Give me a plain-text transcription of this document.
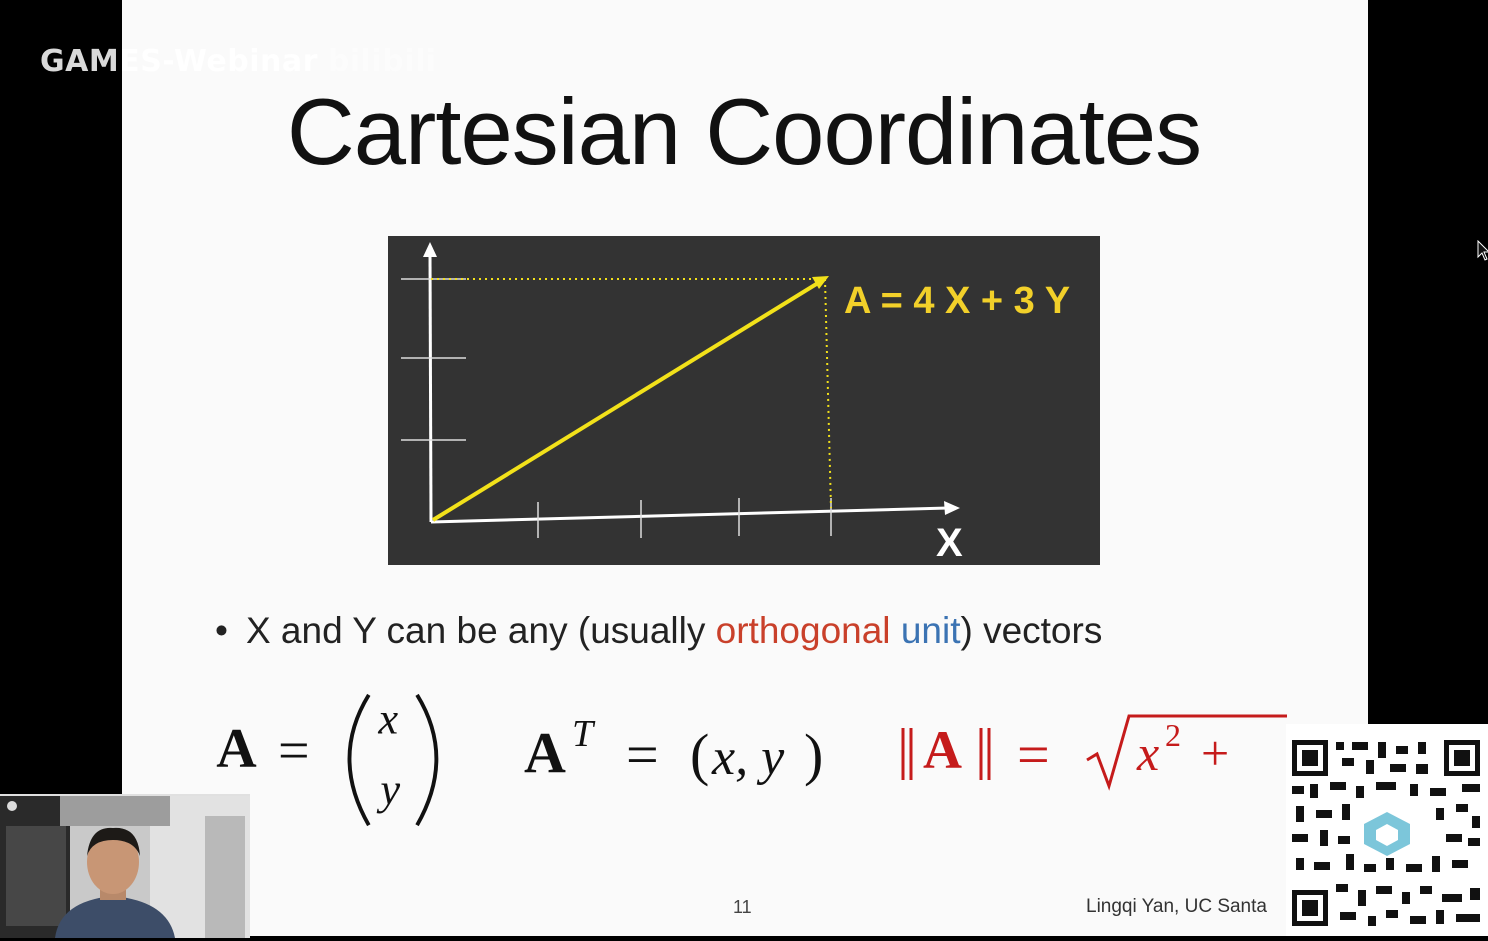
GAMES-Webinar bilibili
Cartesian Coordinates
A = 4 X + 3 Y
X
• X and Y can be any (usually orthogonal unit) vectors
A =
x
y
A T = ( x, y ) A = x 2 +
11	Lingqi Yan, UC Santa
